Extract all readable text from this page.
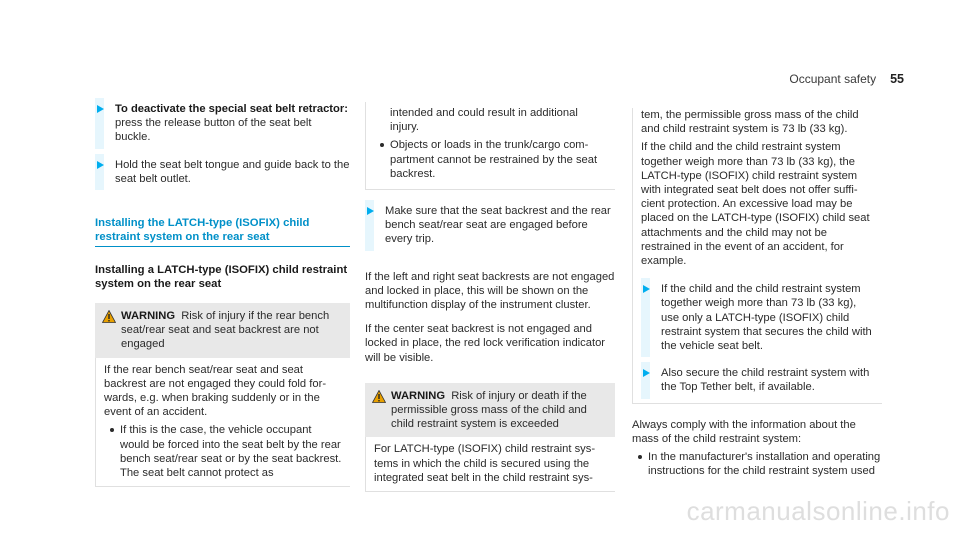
Occupant safety 55
To deactivate the special seat belt retractor: press the release button of the seat belt buckle.
Hold the seat belt tongue and guide back to the seat belt outlet.
Installing the LATCH-type (ISOFIX) child restraint system on the rear seat
Installing a LATCH-type (ISOFIX) child restraint system on the rear seat
WARNING Risk of injury if the rear bench seat/rear seat and seat backrest are not engaged

If the rear bench seat/rear seat and seat backrest are not engaged they could fold forwards, e.g. when braking suddenly or in the event of an accident.

If this is the case, the vehicle occupant would be forced into the seat belt by the rear bench seat/rear seat or by the seat backrest. The seat belt cannot protect as
intended and could result in additional injury.
Objects or loads in the trunk/cargo compartment cannot be restrained by the seat backrest.
Make sure that the seat backrest and the rear bench seat/rear seat are engaged before every trip.

If the left and right seat backrests are not engaged and locked in place, this will be shown on the multifunction display of the instrument cluster.

If the center seat backrest is not engaged and locked in place, the red lock verification indicator will be visible.

WARNING Risk of injury or death if the permissible gross mass of the child and child restraint system is exceeded

For LATCH-type (ISOFIX) child restraint systems in which the child is secured using the integrated seat belt in the child restraint sys-

tem, the permissible gross mass of the child and child restraint system is 73 lb (33 kg).

If the child and the child restraint system together weigh more than 73 lb (33 kg), the LATCH-type (ISOFIX) child restraint system with integrated seat belt does not offer sufficient protection. An excessive load may be placed on the LATCH-type (ISOFIX) child seat attachments and the child may not be restrained in the event of an accident, for example.

If the child and the child restraint system together weigh more than 73 lb (33 kg), use only a LATCH-type (ISOFIX) child restraint system that secures the child with the vehicle seat belt.
Also secure the child restraint system with the Top Tether belt, if available.

Always comply with the information about the mass of the child restraint system:

In the manufacturer's installation and operating instructions for the child restraint system used
carmanualsonline.info
